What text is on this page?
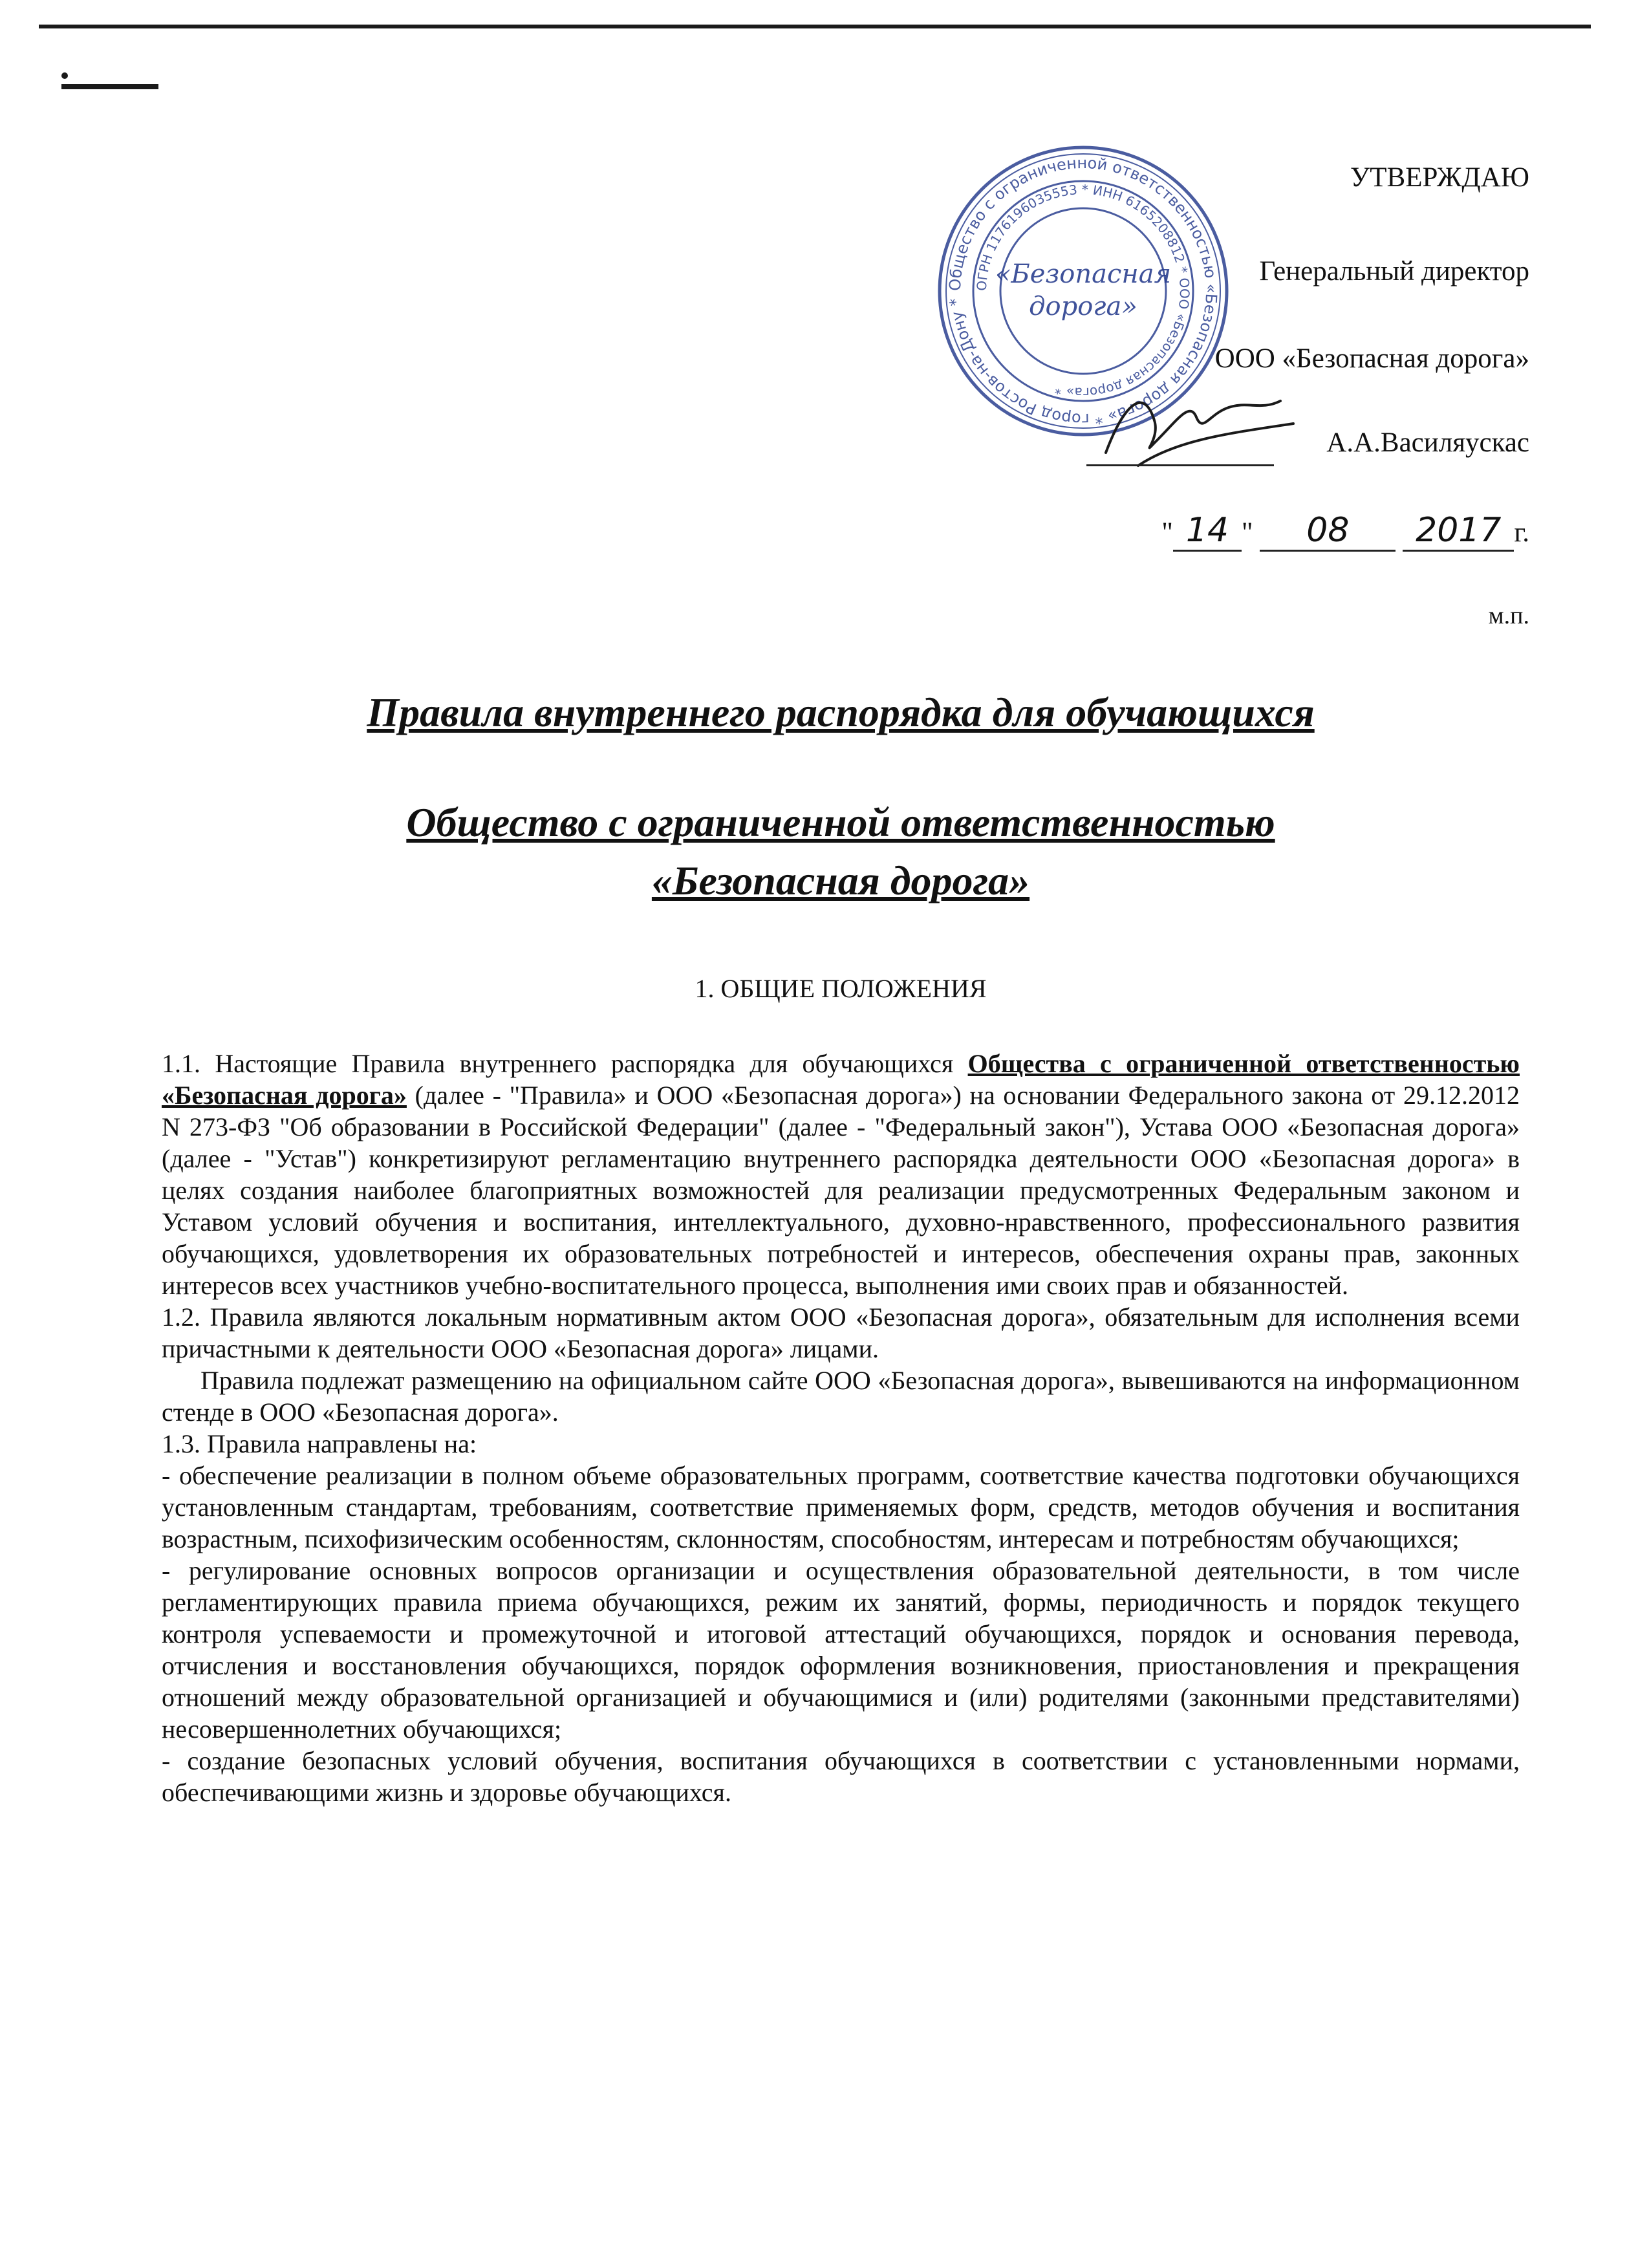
Общество с ограниченной ответственностью «Безопасная дорога» * город Ростов-на-Дону *
ОГРН 1176196035553 * ИНН 6165208812 * ООО «Безопасная дорога» *
«Безопасная
дорога»
УТВЕРЖДАЮ
Генеральный директор
ООО «Безопасная дорога»
А.А.Василяускас
" 14 " 08 2017 г.
м.п.
Правила внутреннего распорядка для обучающихся
Общество с ограниченной ответственностью
«Безопасная дорога»
1. ОБЩИЕ ПОЛОЖЕНИЯ

1.1. Настоящие Правила внутреннего распорядка для обучающихся Общества с ограниченной ответственностью «Безопасная дорога» (далее - "Правила» и ООО «Безопасная дорога») на основании Федерального закона от 29.12.2012 N 273-ФЗ "Об образовании в Российской Федерации" (далее - "Федеральный закон"), Устава ООО «Безопасная дорога» (далее - "Устав") конкретизируют регламентацию внутреннего распорядка деятельности ООО «Безопасная дорога» в целях создания наиболее благоприятных возможностей для реализации предусмотренных Федеральным законом и Уставом условий обучения и воспитания, интеллектуального, духовно-нравственного, профессионального развития обучающихся, удовлетворения их образовательных потребностей и интересов, обеспечения охраны прав, законных интересов всех участников учебно-воспитательного процесса, выполнения ими своих прав и обязанностей.

1.2. Правила являются локальным нормативным актом ООО «Безопасная дорога», обязательным для исполнения всеми причастными к деятельности ООО «Безопасная дорога» лицами.

Правила подлежат размещению на официальном сайте ООО «Безопасная дорога», вывешиваются на информационном стенде в ООО «Безопасная дорога».

1.3. Правила направлены на:

- обеспечение реализации в полном объеме образовательных программ, соответствие качества подготовки обучающихся установленным стандартам, требованиям, соответствие применяемых форм, средств, методов обучения и воспитания возрастным, психофизическим особенностям, склонностям, способностям, интересам и потребностям обучающихся;

- регулирование основных вопросов организации и осуществления образовательной деятельности, в том числе регламентирующих правила приема обучающихся, режим их занятий, формы, периодичность и порядок текущего контроля успеваемости и промежуточной и итоговой аттестаций обучающихся, порядок и основания перевода, отчисления и восстановления обучающихся, порядок оформления возникновения, приостановления и прекращения отношений между образовательной организацией и обучающимися и (или) родителями (законными представителями) несовершеннолетних обучающихся;

- создание безопасных условий обучения, воспитания обучающихся в соответствии с установленными нормами, обеспечивающими жизнь и здоровье обучающихся.
